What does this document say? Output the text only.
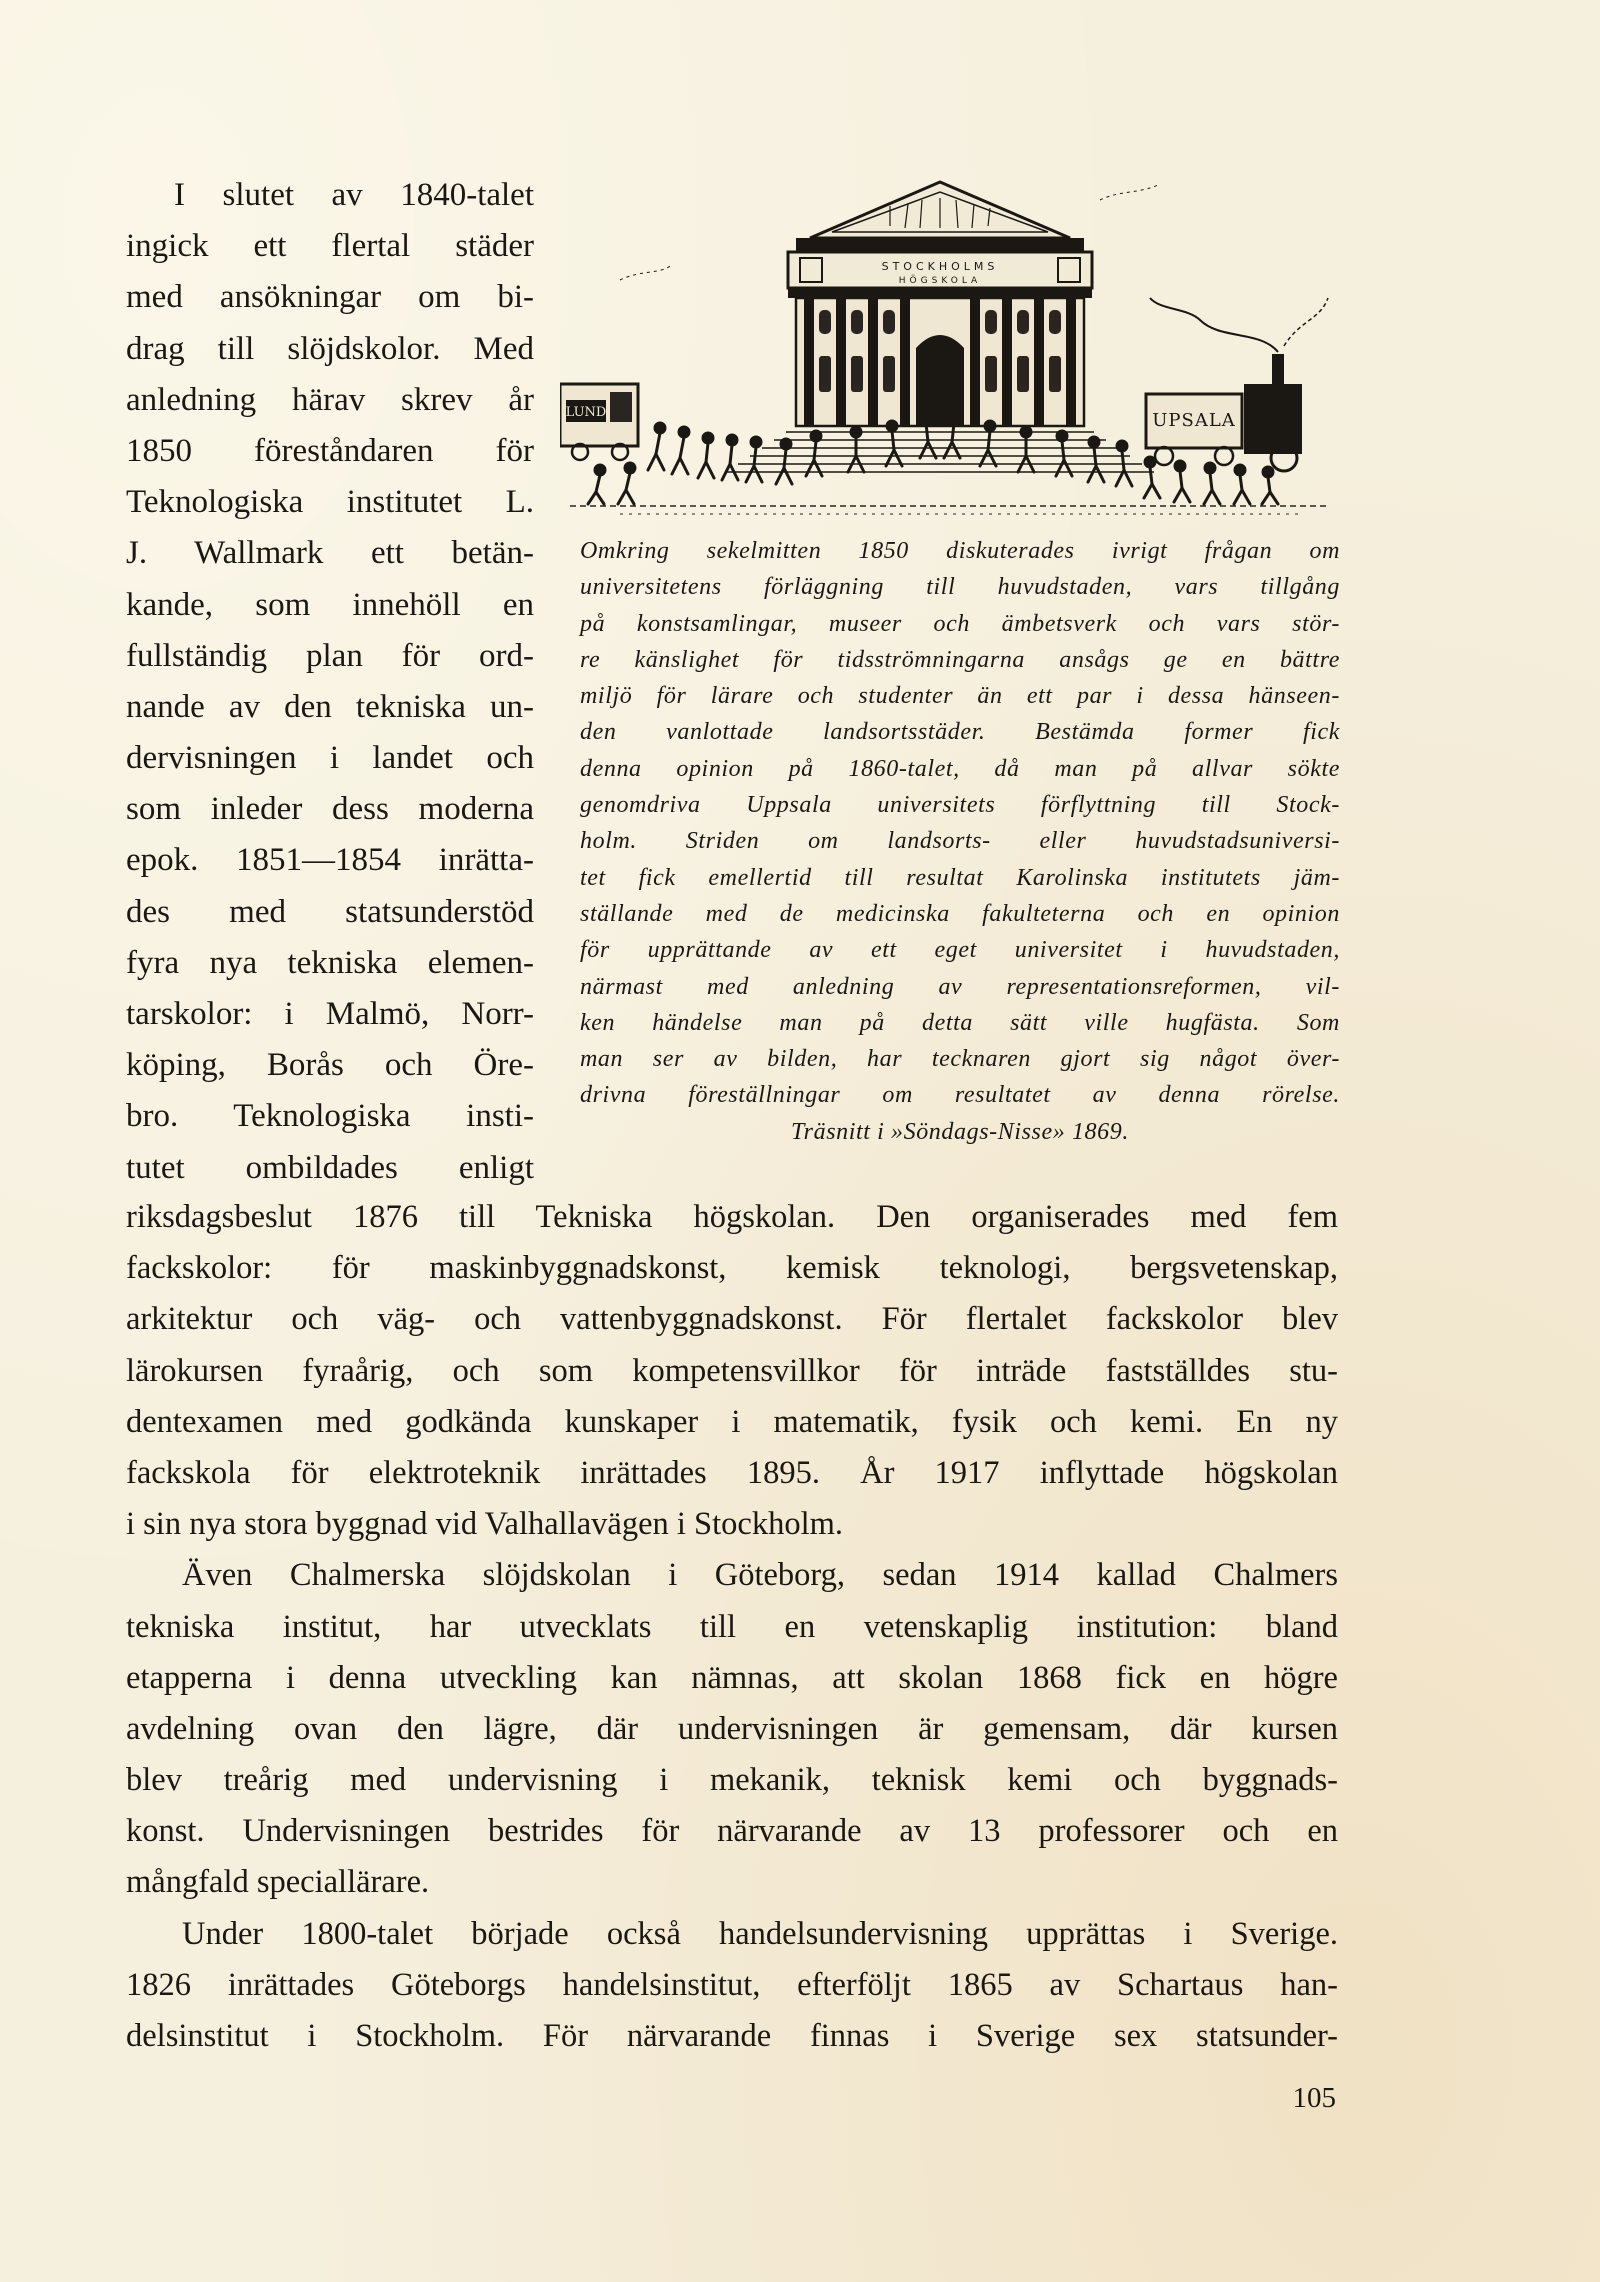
I slutet av 1840-talet
ingick ett flertal städer
med ansökningar om bi-
drag till slöjdskolor. Med
anledning härav skrev år
1850 föreståndaren för
Teknologiska institutet L.
J. Wallmark ett betän-
kande, som innehöll en
fullständig plan för ord-
nande av den tekniska un-
dervisningen i landet och
som inleder dess moderna
epok. 1851—1854 inrätta-
des med statsunderstöd
fyra nya tekniska elemen-
tarskolor: i Malmö, Norr-
köping, Borås och Öre-
bro. Teknologiska insti-
tutet ombildades enligt
STOCKHOLMS
HÖGSKOLA
LUND	UPSALA
Omkring sekelmitten 1850 diskuterades ivrigt frågan om
universitetens förläggning till huvudstaden, vars tillgång
på konstsamlingar, museer och ämbetsverk och vars stör-
re känslighet för tidsströmningarna ansågs ge en bättre
miljö för lärare och studenter än ett par i dessa hänseen-
den vanlottade landsortsstäder. Bestämda former fick
denna opinion på 1860-talet, då man på allvar sökte
genomdriva Uppsala universitets förflyttning till Stock-
holm. Striden om landsorts- eller huvudstadsuniversi-
tet fick emellertid till resultat Karolinska institutets jäm-
ställande med de medicinska fakulteterna och en opinion
för upprättande av ett eget universitet i huvudstaden,
närmast med anledning av representationsreformen, vil-
ken händelse man på detta sätt ville hugfästa. Som
man ser av bilden, har tecknaren gjort sig något över-
drivna föreställningar om resultatet av denna rörelse.
Träsnitt i »Söndags-Nisse» 1869.
riksdagsbeslut 1876 till Tekniska högskolan. Den organiserades med fem
fackskolor: för maskinbyggnadskonst, kemisk teknologi, bergsvetenskap,
arkitektur och väg- och vattenbyggnadskonst. För flertalet fackskolor blev
lärokursen fyraårig, och som kompetensvillkor för inträde fastställdes stu-
dentexamen med godkända kunskaper i matematik, fysik och kemi. En ny
fackskola för elektroteknik inrättades 1895. År 1917 inflyttade högskolan
i sin nya stora byggnad vid Valhallavägen i Stockholm.
Även Chalmerska slöjdskolan i Göteborg, sedan 1914 kallad Chalmers
tekniska institut, har utvecklats till en vetenskaplig institution: bland
etapperna i denna utveckling kan nämnas, att skolan 1868 fick en högre
avdelning ovan den lägre, där undervisningen är gemensam, där kursen
blev treårig med undervisning i mekanik, teknisk kemi och byggnads-
konst. Undervisningen bestrides för närvarande av 13 professorer och en
mångfald speciallärare.
Under 1800-talet började också handelsundervisning upprättas i Sverige.
1826 inrättades Göteborgs handelsinstitut, efterföljt 1865 av Schartaus han-
delsinstitut i Stockholm. För närvarande finnas i Sverige sex statsunder-
105
